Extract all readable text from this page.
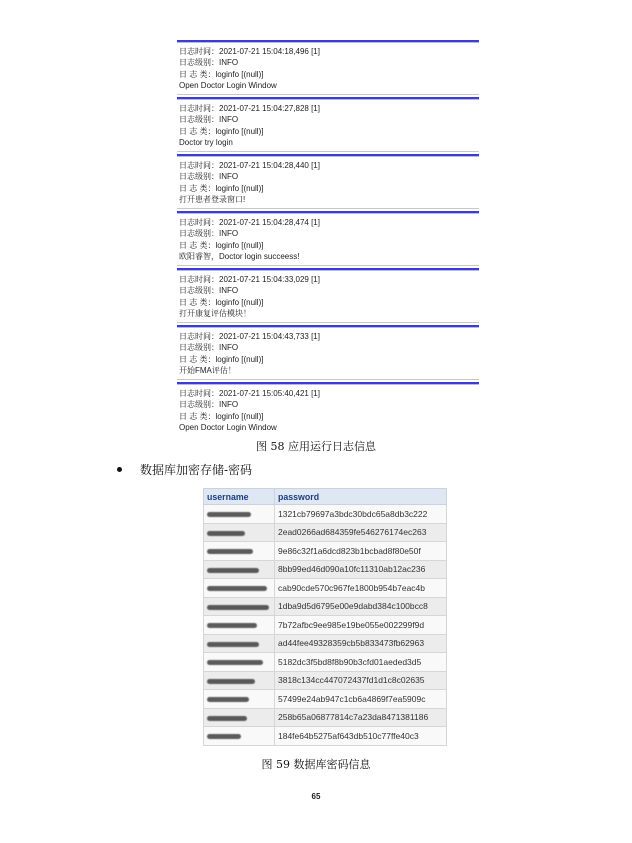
日志时间：2021-07-21 15:04:18,496 [1]
日志级别：INFO
日 志 类：loginfo [(null)]
Open Doctor Login Window
日志时间：2021-07-21 15:04:27,828 [1]
日志级别：INFO
日 志 类：loginfo [(null)]
Doctor try login
日志时间：2021-07-21 15:04:28,440 [1]
日志级别：INFO
日 志 类：loginfo [(null)]
打开患者登录窗口!
日志时间：2021-07-21 15:04:28,474 [1]
日志级别：INFO
日 志 类：loginfo [(null)]
欧阳睿智，Doctor login succeess!
日志时间：2021-07-21 15:04:33,029 [1]
日志级别：INFO
日 志 类：loginfo [(null)]
打开康复评估模块！
日志时间：2021-07-21 15:04:43,733 [1]
日志级别：INFO
日 志 类：loginfo [(null)]
开始FMA评估！
日志时间：2021-07-21 15:05:40,421 [1]
日志级别：INFO
日 志 类：loginfo [(null)]
Open Doctor Login Window
图 58 应用运行日志信息
数据库加密存储-密码
username	password
	1321cb79697a3bdc30bdc65a8db3c222
	2ead0266ad684359fe546276174ec263
	9e86c32f1a6dcd823b1bcbad8f80e50f
	8bb99ed46d090a10fc11310ab12ac236
	cab90cde570c967fe1800b954b7eac4b
	1dba9d5d6795e00e9dabd384c100bcc8
	7b72afbc9ee985e19be055e002299f9d
	ad44fee49328359cb5b833473fb62963
	5182dc3f5bd8f8b90b3cfd01aeded3d5
	3818c134cc447072437fd1d1c8c02635
	57499e24ab947c1cb6a4869f7ea5909c
	258b65a06877814c7a23da8471381186
	184fe64b5275af643db510c77ffe40c3
图 59 数据库密码信息
65
